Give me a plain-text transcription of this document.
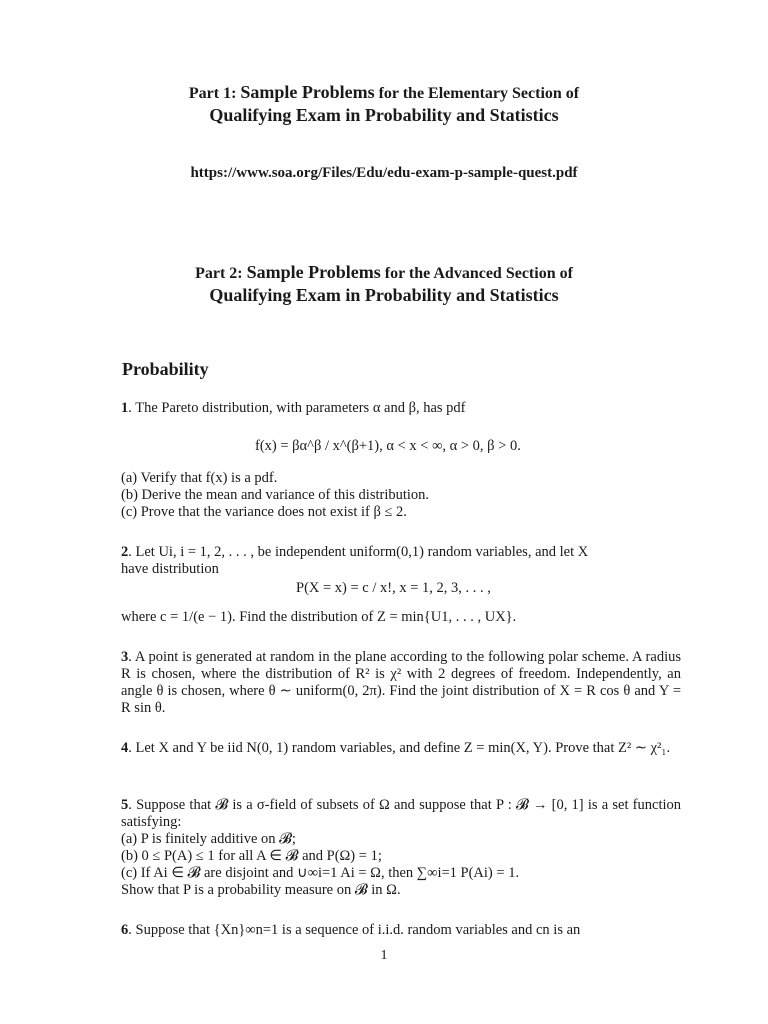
Part 1: Sample Problems for the Elementary Section of
Qualifying Exam in Probability and Statistics
https://www.soa.org/Files/Edu/edu-exam-p-sample-quest.pdf
Part 2: Sample Problems for the Advanced Section of
Qualifying Exam in Probability and Statistics
Probability
1. The Pareto distribution, with parameters α and β, has pdf
f(x) = βα^β / x^(β+1), α < x < ∞, α > 0, β > 0.
(a) Verify that f(x) is a pdf.
(b) Derive the mean and variance of this distribution.
(c) Prove that the variance does not exist if β ≤ 2.
2. Let Ui, i = 1, 2, . . . , be independent uniform(0,1) random variables, and let X
have distribution
P(X = x) = c / x!, x = 1, 2, 3, . . . ,
where c = 1/(e − 1). Find the distribution of Z = min{U1, . . . , UX}.
3. A point is generated at random in the plane according to the following polar scheme. A radius R is chosen, where the distribution of R² is χ² with 2 degrees of freedom. Independently, an angle θ is chosen, where θ ∼ uniform(0, 2π). Find the joint distribution of X = R cos θ and Y = R sin θ.
4. Let X and Y be iid N(0, 1) random variables, and define Z = min(X, Y). Prove that Z² ∼ χ²₁.
5. Suppose that 𝓑 is a σ-field of subsets of Ω and suppose that P : 𝓑 → [0, 1] is a set function satisfying:
(a) P is finitely additive on 𝓑;
(b) 0 ≤ P(A) ≤ 1 for all A ∈ 𝓑 and P(Ω) = 1;
(c) If Ai ∈ 𝓑 are disjoint and ∪∞i=1 Ai = Ω, then ∑∞i=1 P(Ai) = 1.
Show that P is a probability measure on 𝓑 in Ω.
6. Suppose that {Xn}∞n=1 is a sequence of i.i.d. random variables and cn is an
1
